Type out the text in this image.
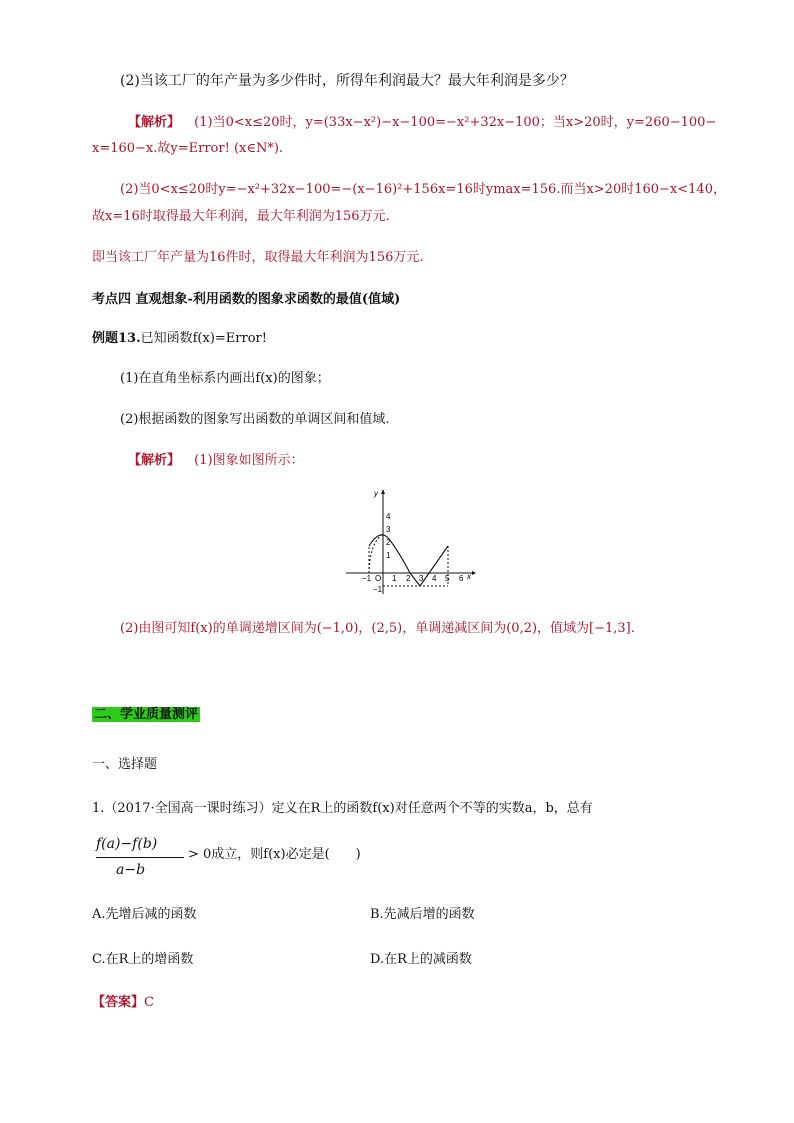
(2)当该工厂的年产量为多少件时，所得年利润最大？最大年利润是多少？
【解析】 (1)当0<x≤20时，y=(33x−x²)−x−100=−x²+32x−100；当x>20时，y=260−100−
x=160−x.故y=Error! (x∈N*).
(2)当0<x≤20时y=−x²+32x−100=−(x−16)²+156x=16时ymax=156.而当x>20时160−x<140，
故x=16时取得最大年利润，最大年利润为156万元.
即当该工厂年产量为16件时，取得最大年利润为156万元.
考点四 直观想象-利用函数的图象求函数的最值(值域)
例题13.已知函数f(x)=Error!
(1)在直角坐标系内画出f(x)的图象；
(2)根据函数的图象写出函数的单调区间和值域.
【解析】 (1)图象如图所示：
x
y
4
3
2
1
−1 O 1 2 3 4 5 6
−1
(2)由图可知f(x)的单调递增区间为(−1,0)，(2,5)，单调递减区间为(0,2)，值域为[−1,3].
二、学业质量测评
一、选择题
1.（2017·全国高一课时练习）定义在R上的函数f(x)对任意两个不等的实数a，b，总有
f(a)−f(b)
a−b
> 0成立，则f(x)必定是(　　)
A.先增后减的函数	B.先减后增的函数
C.在R上的增函数	D.在R上的减函数
【答案】C
